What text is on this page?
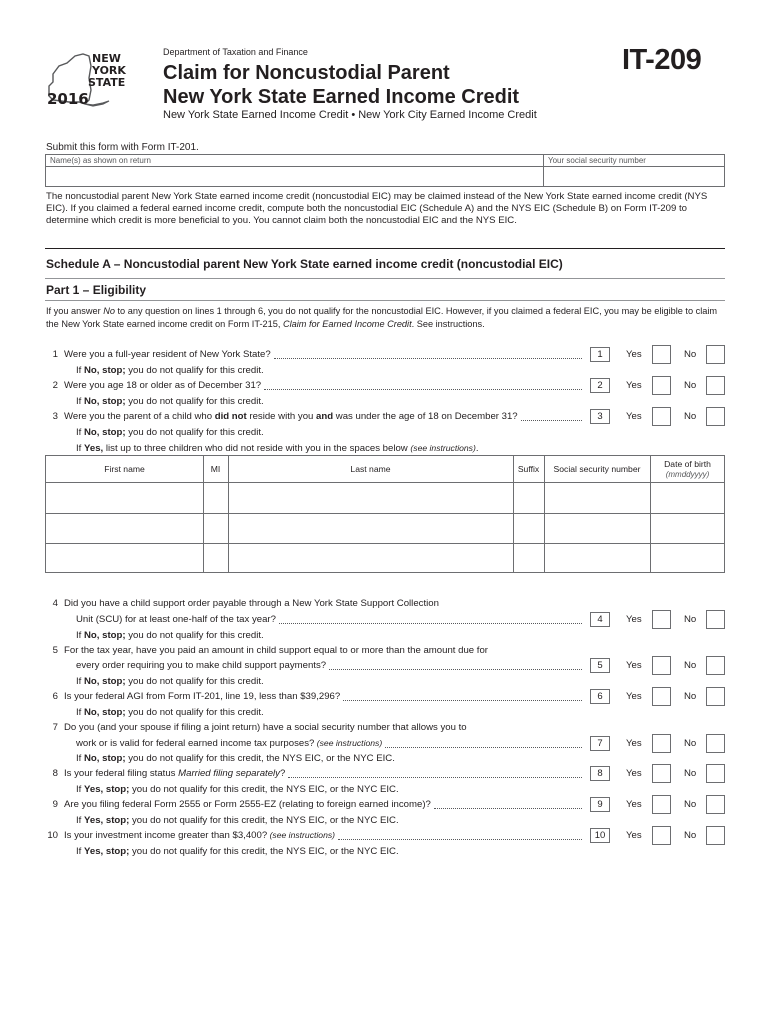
NEW
YORK
STATE
2016
Department of Taxation and Finance
Claim for Noncustodial Parent
New York State Earned Income Credit
New York State Earned Income Credit • New York City Earned Income Credit
IT-209
Submit this form with Form IT-201.
Name(s) as shown on return	Your social security number
The noncustodial parent New York State earned income credit (noncustodial EIC) may be claimed instead of the New York State earned income credit (NYS EIC). If you claimed a federal earned income credit, compute both the noncustodial EIC (Schedule A) and the NYS EIC (Schedule B) on Form IT-209 to determine which credit is more beneficial to you. You cannot claim both the noncustodial EIC and the NYS EIC.
Schedule A – Noncustodial parent New York State earned income credit (noncustodial EIC)
Part 1 – Eligibility
If you answer No to any question on lines 1 through 6, you do not qualify for the noncustodial EIC. However, if you claimed a federal EIC, you may be eligible to claim the New York State earned income credit on Form IT-215, Claim for Earned Income Credit. See instructions.
1 Were you a full-year resident of New York State?	1	Yes	No
If No, stop; you do not qualify for this credit.
2 Were you age 18 or older as of December 31?	2	Yes	No
If No, stop; you do not qualify for this credit.
3 Were you the parent of a child who did not reside with you and was under the age of 18 on December 31?	3	Yes	No
If No, stop; you do not qualify for this credit.
If Yes, list up to three children who did not reside with you in the spaces below (see instructions).
4 Did you have a child support order payable through a New York State Support Collection
Unit (SCU) for at least one-half of the tax year?	4	Yes	No
If No, stop; you do not qualify for this credit.
5 For the tax year, have you paid an amount in child support equal to or more than the amount due for
every order requiring you to make child support payments?	5	Yes	No
If No, stop; you do not qualify for this credit.
6 Is your federal AGI from Form IT-201, line 19, less than $39,296?	6	Yes	No
If No, stop; you do not qualify for this credit.
7 Do you (and your spouse if filing a joint return) have a social security number that allows you to
work or is valid for federal earned income tax purposes? (see instructions)	7	Yes	No
If No, stop; you do not qualify for this credit, the NYS EIC, or the NYC EIC.
8 Is your federal filing status Married filing separately?	8	Yes	No
If Yes, stop; you do not qualify for this credit, the NYS EIC, or the NYC EIC.
9 Are you filing federal Form 2555 or Form 2555-EZ (relating to foreign earned income)?	9	Yes	No
If Yes, stop; you do not qualify for this credit, the NYS EIC, or the NYC EIC.
10 Is your investment income greater than $3,400? (see instructions)	10	Yes	No
If Yes, stop; you do not qualify for this credit, the NYS EIC, or the NYC EIC.
First name	MI	Last name	Suffix	Social security number	Date of birth
(mmddyyyy)
